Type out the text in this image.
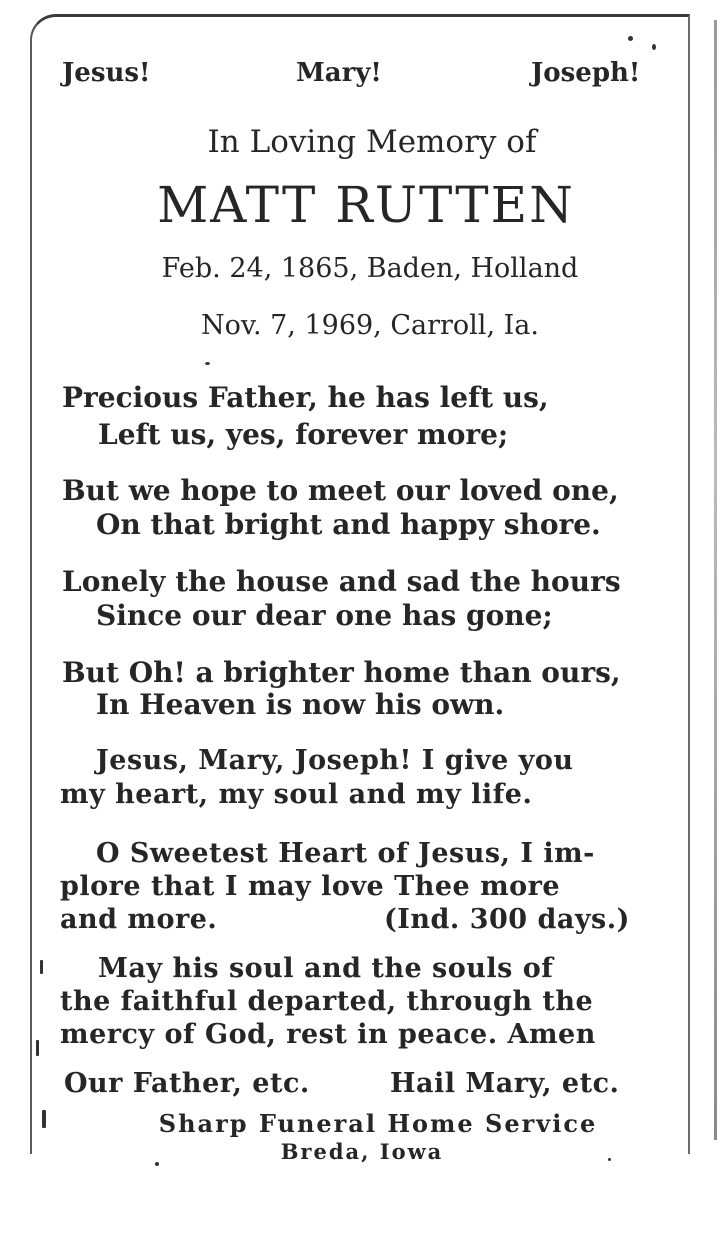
Jesus!	Mary!	Joseph!
In Loving Memory of
MATT RUTTEN
Feb. 24, 1865, Baden, Holland
Nov. 7, 1969, Carroll, Ia.
Precious Father, he has left us,
Left us, yes, forever more;
But we hope to meet our loved one,
On that bright and happy shore.
Lonely the house and sad the hours
Since our dear one has gone;
But Oh! a brighter home than ours,
In Heaven is now his own.
Jesus, Mary, Joseph! I give you
my heart, my soul and my life.
O Sweetest Heart of Jesus, I im-
plore that I may love Thee more
and more.	(Ind. 300 days.)
May his soul and the souls of
the faithful departed, through the
mercy of God, rest in peace. Amen
Our Father, etc.	Hail Mary, etc.
Sharp Funeral Home Service
Breda, Iowa
